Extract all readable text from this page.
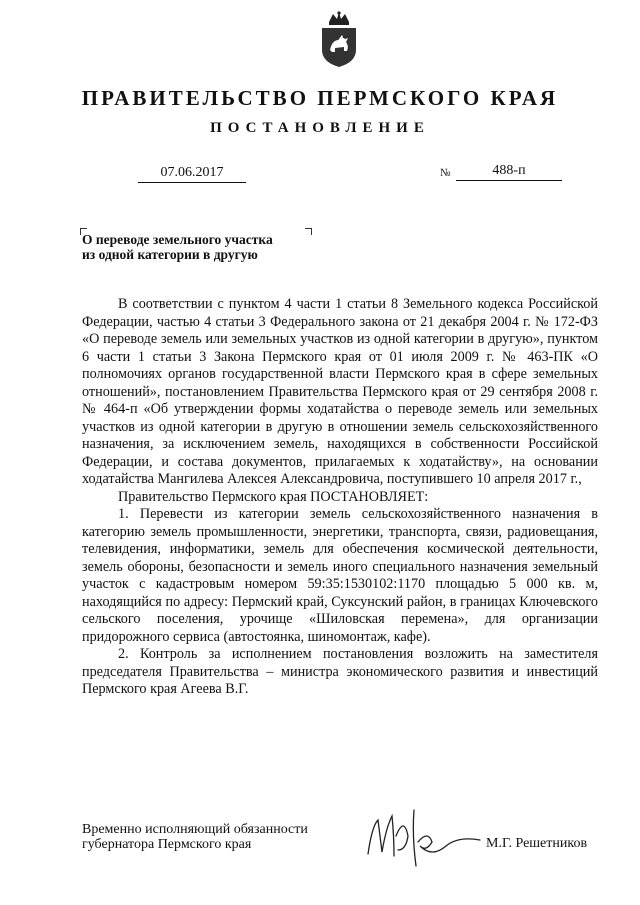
ПРАВИТЕЛЬСТВО ПЕРМСКОГО КРАЯ
ПОСТАНОВЛЕНИЕ
07.06.2017	№	488-п
О переводе земельного участка
из одной категории в другую

В соответствии с пунктом 4 части 1 статьи 8 Земельного кодекса Российской Федерации, частью 4 статьи 3 Федерального закона от 21 декабря 2004 г. № 172-ФЗ «О переводе земель или земельных участков из одной категории в другую», пунктом 6 части 1 статьи 3 Закона Пермского края от 01 июля 2009 г. № 463-ПК «О полномочиях органов государственной власти Пермского края в сфере земельных отношений», постановлением Правительства Пермского края от 29 сентября 2008 г. № 464-п «Об утверждении формы ходатайства о переводе земель или земельных участков из одной категории в другую в отношении земель сельскохозяйственного назначения, за исключением земель, находящихся в собственности Российской Федерации, и состава документов, прилагаемых к ходатайству», на основании ходатайства Мангилева Алексея Александровича, поступившего 10 апреля 2017 г.,

Правительство Пермского края ПОСТАНОВЛЯЕТ:

1. Перевести из категории земель сельскохозяйственного назначения в категорию земель промышленности, энергетики, транспорта, связи, радиовещания, телевидения, информатики, земель для обеспечения космической деятельности, земель обороны, безопасности и земель иного специального назначения земельный участок с кадастровым номером 59:35:1530102:1170 площадью 5 000 кв. м, находящийся по адресу: Пермский край, Суксунский район, в границах Ключевского сельского поселения, урочище «Шиловская перемена», для организации придорожного сервиса (автостоянка, шиномонтаж, кафе).

2. Контроль за исполнением постановления возложить на заместителя председателя Правительства – министра экономического развития и инвестиций Пермского края Агеева В.Г.

Временно исполняющий обязанности
губернатора Пермского края	М.Г. Решетников
